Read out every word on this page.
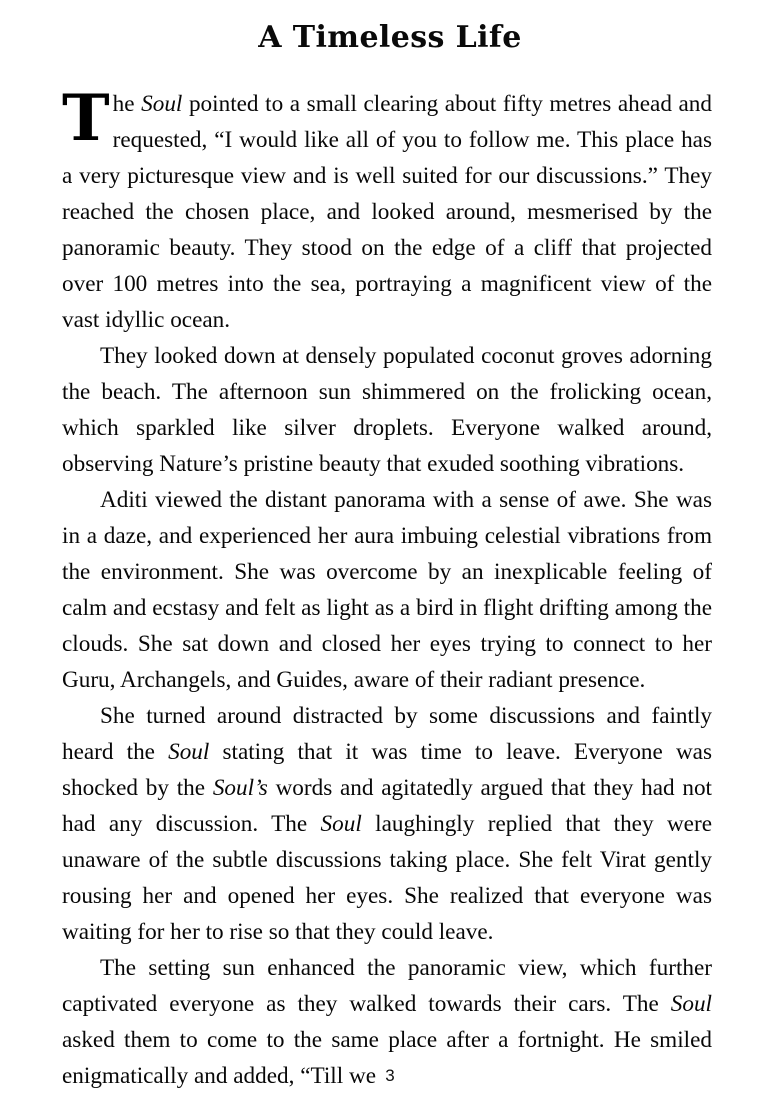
A Timeless Life

The Soul pointed to a small clearing about fifty metres ahead and requested, “I would like all of you to follow me. This place has a very picturesque view and is well suited for our discussions.” They reached the chosen place, and looked around, mesmerised by the panoramic beauty. They stood on the edge of a cliff that projected over 100 metres into the sea, portraying a magnificent view of the vast idyllic ocean.

They looked down at densely populated coconut groves adorning the beach. The afternoon sun shimmered on the frolicking ocean, which sparkled like silver droplets. Everyone walked around, observing Nature’s pristine beauty that exuded soothing vibrations.

Aditi viewed the distant panorama with a sense of awe. She was in a daze, and experienced her aura imbuing celestial vibrations from the environment. She was overcome by an inexplicable feeling of calm and ecstasy and felt as light as a bird in flight drifting among the clouds. She sat down and closed her eyes trying to connect to her Guru, Archangels, and Guides, aware of their radiant presence.

She turned around distracted by some discussions and faintly heard the Soul stating that it was time to leave. Everyone was shocked by the Soul’s words and agitatedly argued that they had not had any discussion. The Soul laughingly replied that they were unaware of the subtle discussions taking place. She felt Virat gently rousing her and opened her eyes. She realized that everyone was waiting for her to rise so that they could leave.

The setting sun enhanced the panoramic view, which further captivated everyone as they walked towards their cars. The Soul asked them to come to the same place after a fortnight. He smiled enigmatically and added, “Till we 3
